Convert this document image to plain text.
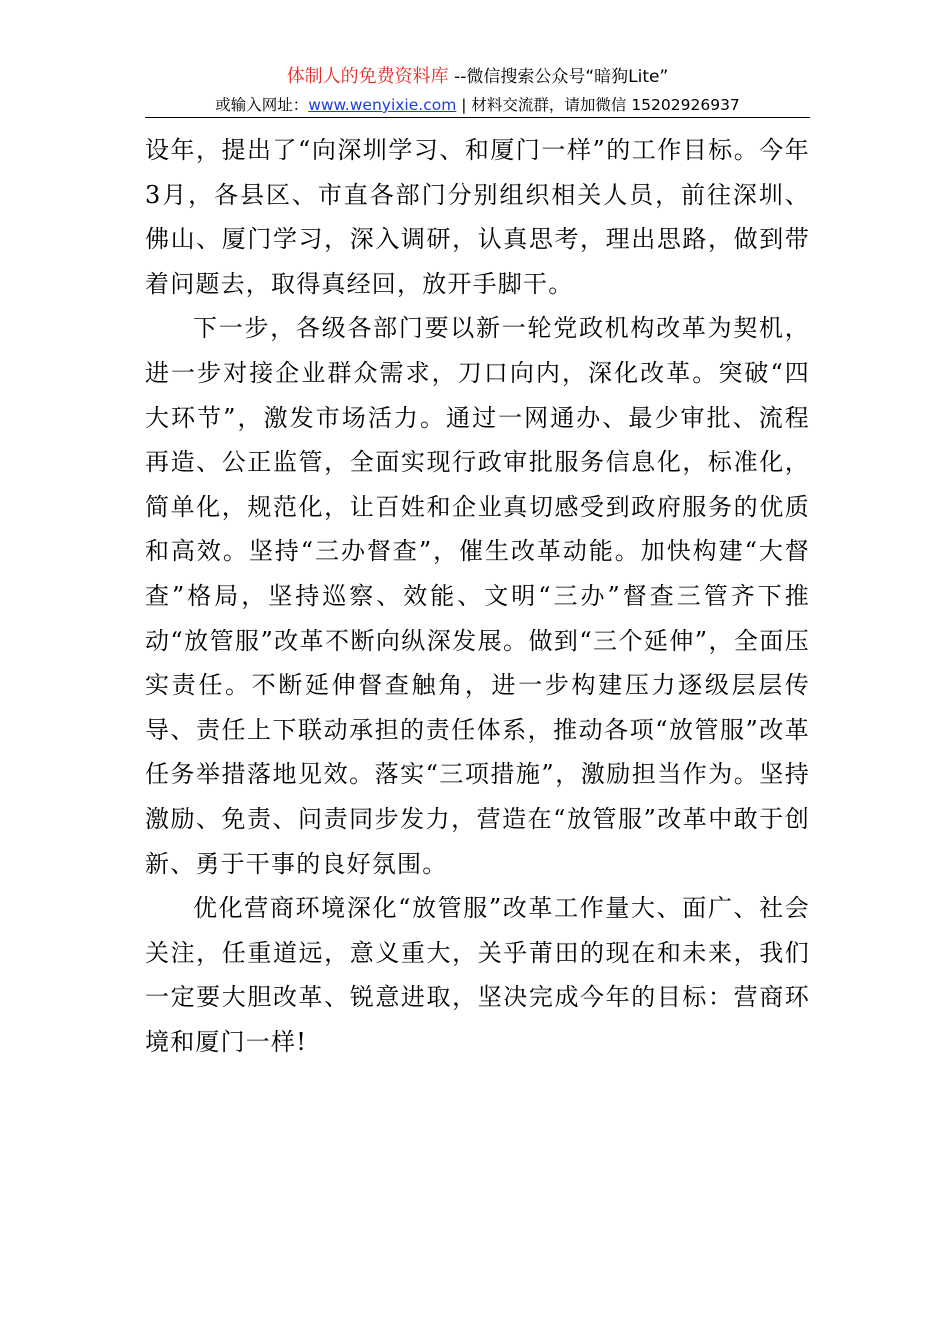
体制人的免费资料库 --微信搜索公众号“暗狗Lite”
或输入网址：www.wenyixie.com | 材料交流群，请加微信 15202926937

设年，提出了“向深圳学习、和厦门一样”的工作目标。今年3月，各县区、市直各部门分别组织相关人员，前往深圳、佛山、厦门学习，深入调研，认真思考，理出思路，做到带着问题去，取得真经回，放开手脚干。

下一步，各级各部门要以新一轮党政机构改革为契机，进一步对接企业群众需求，刀口向内，深化改革。突破“四大环节”，激发市场活力。通过一网通办、最少审批、流程再造、公正监管，全面实现行政审批服务信息化，标准化，简单化，规范化，让百姓和企业真切感受到政府服务的优质和高效。坚持“三办督查”，催生改革动能。加快构建“大督查”格局，坚持巡察、效能、文明“三办”督查三管齐下推动“放管服”改革不断向纵深发展。做到“三个延伸”，全面压实责任。不断延伸督查触角，进一步构建压力逐级层层传导、责任上下联动承担的责任体系，推动各项“放管服”改革任务举措落地见效。落实“三项措施”，激励担当作为。坚持激励、免责、问责同步发力，营造在“放管服”改革中敢于创新、勇于干事的良好氛围。

优化营商环境深化“放管服”改革工作量大、面广、社会关注，任重道远，意义重大，关乎莆田的现在和未来，我们一定要大胆改革、锐意进取，坚决完成今年的目标：营商环境和厦门一样!
